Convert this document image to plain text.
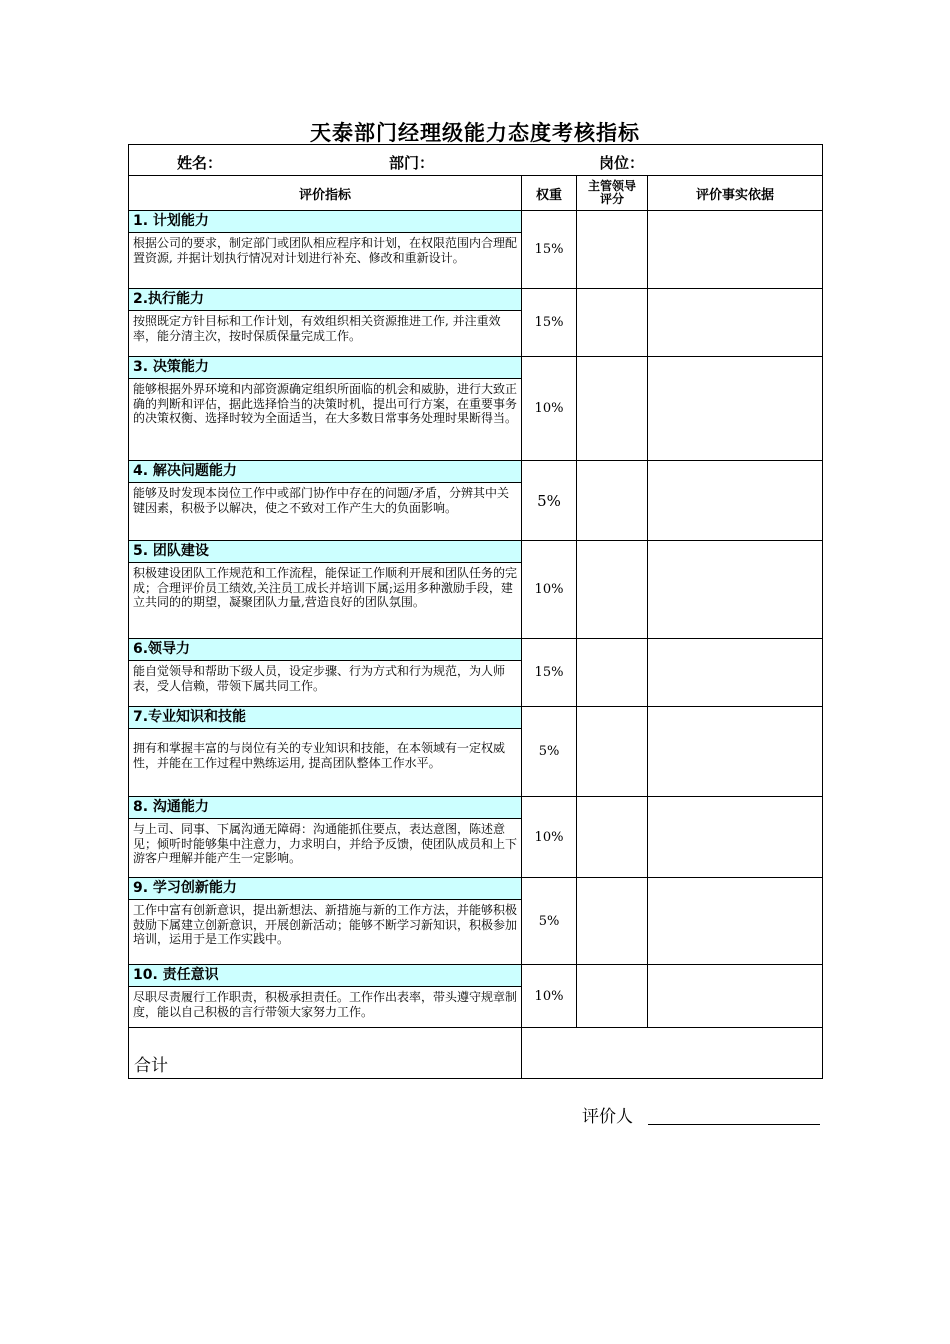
天泰部门经理级能力态度考核指标
姓名： 部门： 岗位：			

评价指标	权重	主管领导评分	评价事实依据

1. 计划能力
根据公司的要求，制定部门或团队相应程序和计划，在权限范围内合理配置资源, 并据计划执行情况对计划进行补充、修改和重新设计。	15%		

2.执行能力
按照既定方针目标和工作计划，有效组织相关资源推进工作, 并注重效率，能分清主次，按时保质保量完成工作。	15%		

3. 决策能力
能够根据外界环境和内部资源确定组织所面临的机会和威胁，进行大致正确的判断和评估，据此选择恰当的决策时机，提出可行方案，在重要事务的决策权衡、选择时较为全面适当，在大多数日常事务处理时果断得当。	10%		

4. 解决问题能力
能够及时发现本岗位工作中或部门协作中存在的问题/矛盾，分辨其中关键因素，积极予以解决，使之不致对工作产生大的负面影响。	5%		

5. 团队建设
积极建设团队工作规范和工作流程，能保证工作顺利开展和团队任务的完成；合理评价员工绩效,关注员工成长并培训下属;运用多种激励手段，建立共同的的期望，凝聚团队力量,营造良好的团队氛围。	10%		

6.领导力
能自觉领导和帮助下级人员，设定步骤、行为方式和行为规范，为人师表，受人信赖，带领下属共同工作。	15%		

7.专业知识和技能
拥有和掌握丰富的与岗位有关的专业知识和技能，在本领域有一定权威性，并能在工作过程中熟练运用, 提高团队整体工作水平。	5%		

8. 沟通能力
与上司、同事、下属沟通无障碍：沟通能抓住要点，表达意图，陈述意见；倾听时能够集中注意力，力求明白，并给予反馈，使团队成员和上下游客户理解并能产生一定影响。	10%		

9. 学习创新能力
工作中富有创新意识，提出新想法、新措施与新的工作方法，并能够积极鼓励下属建立创新意识，开展创新活动；能够不断学习新知识，积极参加培训，运用于是工作实践中。	5%		

10. 责任意识
尽职尽责履行工作职责，积极承担责任。工作作出表率，带头遵守规章制度，能以自己积极的言行带领大家努力工作。	10%		
合计			
评价人
